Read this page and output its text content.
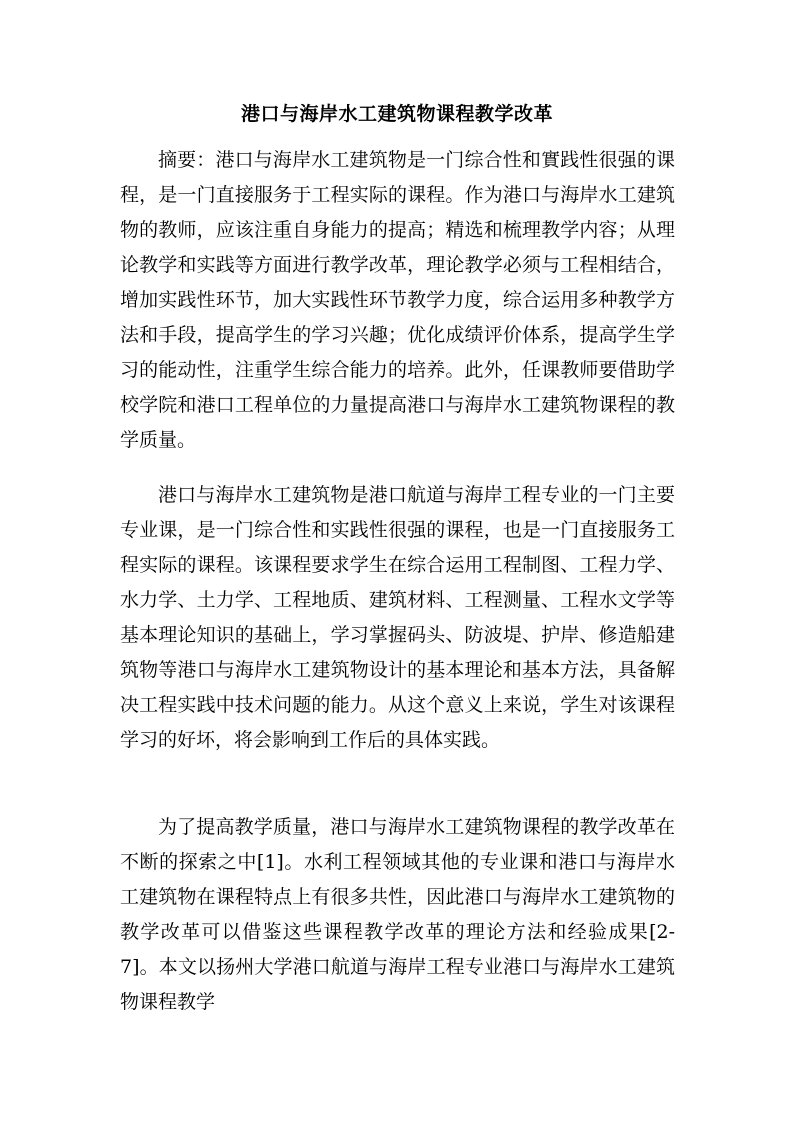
港口与海岸水工建筑物课程教学改革

摘要：港口与海岸水工建筑物是一门综合性和實践性很强的课程，是一门直接服务于工程实际的课程。作为港口与海岸水工建筑物的教师，应该注重自身能力的提高；精选和梳理教学内容；从理论教学和实践等方面进行教学改革，理论教学必须与工程相结合，增加实践性环节，加大实践性环节教学力度，综合运用多种教学方法和手段，提高学生的学习兴趣；优化成绩评价体系，提高学生学习的能动性，注重学生综合能力的培养。此外，任课教师要借助学校学院和港口工程单位的力量提高港口与海岸水工建筑物课程的教学质量。

港口与海岸水工建筑物是港口航道与海岸工程专业的一门主要专业课，是一门综合性和实践性很强的课程，也是一门直接服务工程实际的课程。该课程要求学生在综合运用工程制图、工程力学、水力学、土力学、工程地质、建筑材料、工程测量、工程水文学等基本理论知识的基础上，学习掌握码头、防波堤、护岸、修造船建筑物等港口与海岸水工建筑物设计的基本理论和基本方法，具备解决工程实践中技术问题的能力。从这个意义上来说，学生对该课程学习的好坏，将会影响到工作后的具体实践。

为了提高教学质量，港口与海岸水工建筑物课程的教学改革在不断的探索之中[1]。水利工程领域其他的专业课和港口与海岸水工建筑物在课程特点上有很多共性，因此港口与海岸水工建筑物的教学改革可以借鉴这些课程教学改革的理论方法和经验成果[2-7]。本文以扬州大学港口航道与海岸工程专业港口与海岸水工建筑物课程教学
